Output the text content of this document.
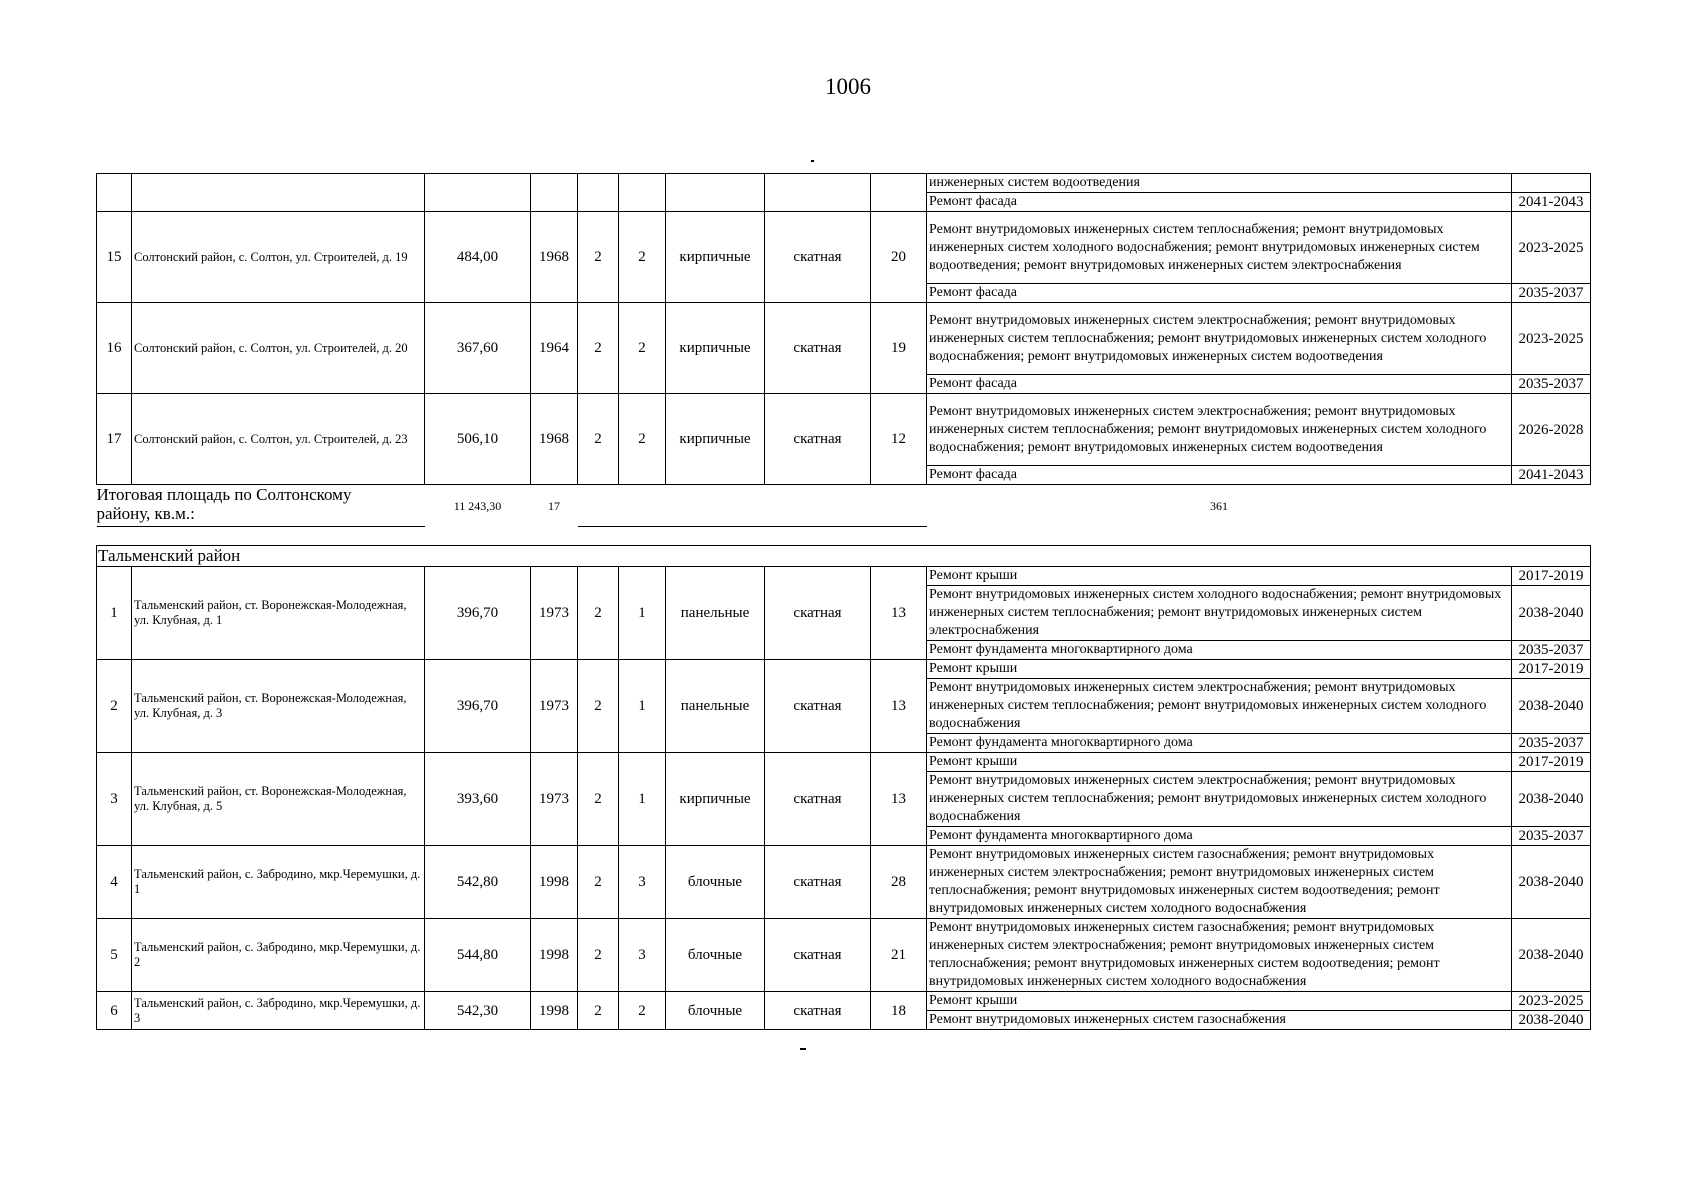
1006
									инженерных систем водоотведения	
									Ремонт фасада	2041-2043
15	Солтонский район, с. Солтон, ул. Строителей, д. 19	484,00	1968	2	2	кирпичные	скатная	20	Ремонт внутридомовых инженерных систем теплоснабжения; ремонт внутридомовых инженерных систем холодного водоснабжения; ремонт внутридомовых инженерных систем водоотведения; ремонт внутридомовых инженерных систем электроснабжения	2023-2025
									Ремонт фасада	2035-2037
16	Солтонский район, с. Солтон, ул. Строителей, д. 20	367,60	1964	2	2	кирпичные	скатная	19	Ремонт внутридомовых инженерных систем электроснабжения; ремонт внутридомовых инженерных систем теплоснабжения; ремонт внутридомовых инженерных систем холодного водоснабжения; ремонт внутридомовых инженерных систем водоотведения	2023-2025
									Ремонт фасада	2035-2037
17	Солтонский район, с. Солтон, ул. Строителей, д. 23	506,10	1968	2	2	кирпичные	скатная	12	Ремонт внутридомовых инженерных систем электроснабжения; ремонт внутридомовых инженерных систем теплоснабжения; ремонт внутридомовых инженерных систем холодного водоснабжения; ремонт внутридомовых инженерных систем водоотведения	2026-2028
									Ремонт фасада	2041-2043
Итоговая площадь по Солтонскому району, кв.м.:		11 243,30	17						361	

Тальменский район										
1	Тальменский район, ст. Воронежская-Молодежная, ул. Клубная, д. 1	396,70	1973	2	1	панельные	скатная	13	Ремонт крыши	2017-2019
									Ремонт внутридомовых инженерных систем холодного водоснабжения; ремонт внутридомовых инженерных систем теплоснабжения; ремонт внутридомовых инженерных систем электроснабжения	2038-2040
									Ремонт фундамента многоквартирного дома	2035-2037
2	Тальменский район, ст. Воронежская-Молодежная, ул. Клубная, д. 3	396,70	1973	2	1	панельные	скатная	13	Ремонт крыши	2017-2019
									Ремонт внутридомовых инженерных систем электроснабжения; ремонт внутридомовых инженерных систем теплоснабжения; ремонт внутридомовых инженерных систем холодного водоснабжения	2038-2040
									Ремонт фундамента многоквартирного дома	2035-2037
3	Тальменский район, ст. Воронежская-Молодежная, ул. Клубная, д. 5	393,60	1973	2	1	кирпичные	скатная	13	Ремонт крыши	2017-2019
									Ремонт внутридомовых инженерных систем электроснабжения; ремонт внутридомовых инженерных систем теплоснабжения; ремонт внутридомовых инженерных систем холодного водоснабжения	2038-2040
									Ремонт фундамента многоквартирного дома	2035-2037
4	Тальменский район, с. Забродино, мкр.Черемушки, д. 1	542,80	1998	2	3	блочные	скатная	28	Ремонт внутридомовых инженерных систем газоснабжения; ремонт внутридомовых инженерных систем электроснабжения; ремонт внутридомовых инженерных систем теплоснабжения; ремонт внутридомовых инженерных систем водоотведения; ремонт внутридомовых инженерных систем холодного водоснабжения	2038-2040
5	Тальменский район, с. Забродино, мкр.Черемушки, д. 2	544,80	1998	2	3	блочные	скатная	21	Ремонт внутридомовых инженерных систем газоснабжения; ремонт внутридомовых инженерных систем электроснабжения; ремонт внутридомовых инженерных систем теплоснабжения; ремонт внутридомовых инженерных систем водоотведения; ремонт внутридомовых инженерных систем холодного водоснабжения	2038-2040
6	Тальменский район, с. Забродино, мкр.Черемушки, д. 3	542,30	1998	2	2	блочные	скатная	18	Ремонт крыши	2023-2025
									Ремонт внутридомовых инженерных систем газоснабжения	2038-2040
